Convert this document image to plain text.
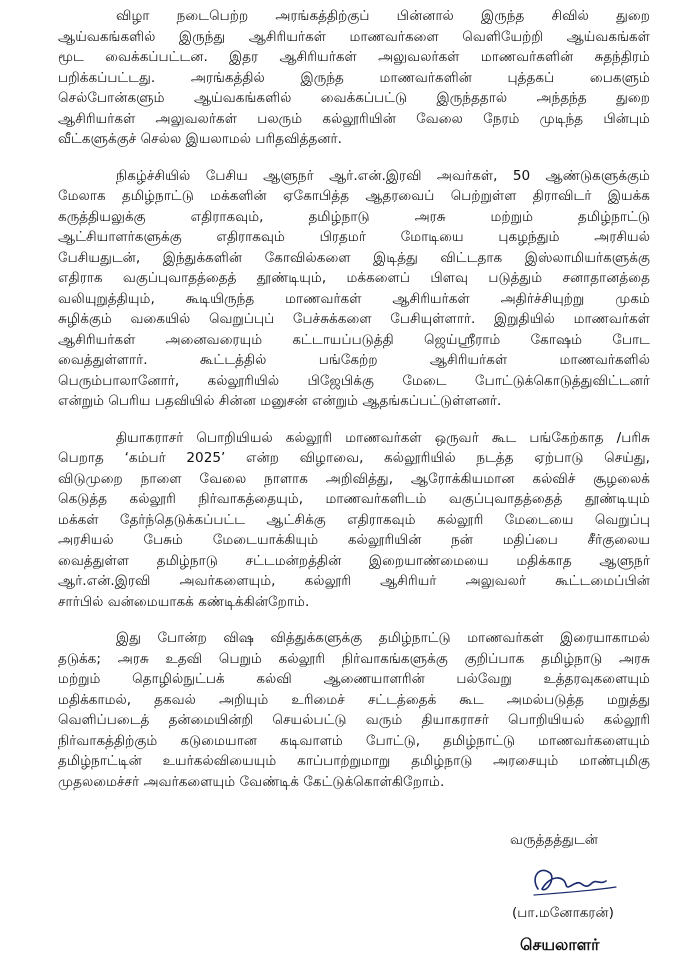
விழா நடைபெற்ற அரங்கத்திற்குப் பின்னால் இருந்த சிவில் துறை
ஆய்வகங்களில் இருந்து ஆசிரியர்கள் மாணவர்களை வெளியேற்றி ஆய்வகங்கள்
மூட வைக்கப்பட்டன. இதர ஆசிரியர்கள் அலுவலர்கள் மாணவர்களின் சுதந்திரம்
பறிக்கப்பட்டது. அரங்கத்தில் இருந்த மாணவர்களின் புத்தகப் பைகளும்
செல்போன்களும் ஆய்வகங்களில் வைக்கப்பட்டு இருந்ததால் அந்தந்த துறை
ஆசிரியர்கள் அலுவலர்கள் பலரும் கல்லூரியின் வேலை நேரம் முடிந்த பின்பும்
வீட்களுக்குச் செல்ல இயலாமல் பரிதவித்தனர்.

நிகழ்ச்சியில் பேசிய ஆளுநர் ஆர்.என்.இரவி அவர்கள், 50 ஆண்டுகளுக்கும்
மேலாக தமிழ்நாட்டு மக்களின் ஏகோபித்த ஆதரவைப் பெற்றுள்ள திராவிடர் இயக்க
கருத்தியலுக்கு எதிராகவும், தமிழ்நாடு அரசு மற்றும் தமிழ்நாட்டு
ஆட்சியாளர்களுக்கு எதிராகவும் பிரதமர் மோடியை புகழந்தும் அரசியல்
பேசியதுடன், இந்துக்களின் கோவில்களை இடித்து விட்டதாக இஸ்லாமியர்களுக்கு
எதிராக வகுப்புவாதத்தைத் தூண்டியும், மக்களைப் பிளவு படுத்தும் சனாதானத்தை
வலியுறுத்தியும், கூடியிருந்த மாணவர்கள் ஆசிரியர்கள் அதிர்ச்சியுற்று முகம்
சுழிக்கும் வகையில் வெறுப்புப் பேச்சுக்களை பேசியுள்ளார். இறுதியில் மாணவர்கள்
ஆசிரியர்கள் அனைவரையும் கட்டாயப்படுத்தி ஜெய்ஸ்ரீராம் கோஷம் போட
வைத்துள்ளார். கூட்டத்தில் பங்கேற்ற ஆசிரியர்கள் மாணவர்களில்
பெரும்பாலானோர், கல்லூரியில் பிஜேபிக்கு மேடை போட்டுக்கொடுத்துவிட்டனர்
என்றும் பெரிய பதவியில் சின்ன மனுசன் என்றும் ஆதங்கப்பட்டுள்ளனர்.

தியாகராசர் பொறியியல் கல்லூரி மாணவர்கள் ஒருவர் கூட பங்கேற்காத /பரிசு
பெறாத ‘கம்பர் 2025’ என்ற விழாவை, கல்லூரியில் நடத்த ஏற்பாடு செய்து,
விடுமுறை நாளை வேலை நாளாக அறிவித்து, ஆரோக்கியமான கல்விச் சூழலைக்
கெடுத்த கல்லூரி நிர்வாகத்தையும், மாணவர்களிடம் வகுப்புவாதத்தைத் தூண்டியும்
மக்கள் தேர்ந்தெடுக்கப்பட்ட ஆட்சிக்கு எதிராகவும் கல்லூரி மேடையை வெறுப்பு
அரசியல் பேசும் மேடையாக்கியும் கல்லூரியின் நன் மதிப்பை சீர்குலைய
வைத்துள்ள தமிழ்நாடு சட்டமன்றத்தின் இறையாண்மையை மதிக்காத ஆளுநர்
ஆர்.என்.இரவி அவர்களையும், கல்லூரி ஆசிரியர் அலுவலர் கூட்டமைப்பின்
சார்பில் வன்மையாகக் கண்டிக்கின்றோம்.

இது போன்ற விஷ வித்துக்களுக்கு தமிழ்நாட்டு மாணவர்கள் இரையாகாமல்
தடுக்க; அரசு உதவி பெறும் கல்லூரி நிர்வாகங்களுக்கு குறிப்பாக தமிழ்நாடு அரசு
மற்றும் தொழில்நுட்பக் கல்வி ஆணையாளரின் பல்வேறு உத்தரவுகளையும்
மதிக்காமல், தகவல் அறியும் உரிமைச் சட்டத்தைக் கூட அமல்படுத்த மறுத்து
வெளிப்படைத் தன்மையின்றி செயல்பட்டு வரும் தியாகராசர் பொறியியல் கல்லூரி
நிர்வாகத்திற்கும் கடுமையான கடிவாளம் போட்டு, தமிழ்நாட்டு மாணவர்களையும்
தமிழ்நாட்டின் உயர்கல்வியையும் காப்பாற்றுமாறு தமிழ்நாடு அரசையும் மாண்புமிகு
முதலமைச்சர் அவர்களையும் வேண்டிக் கேட்டுக்கொள்கிறோம்.

வருத்தத்துடன்
(பா.மனோகரன்)
செயலாளர்
